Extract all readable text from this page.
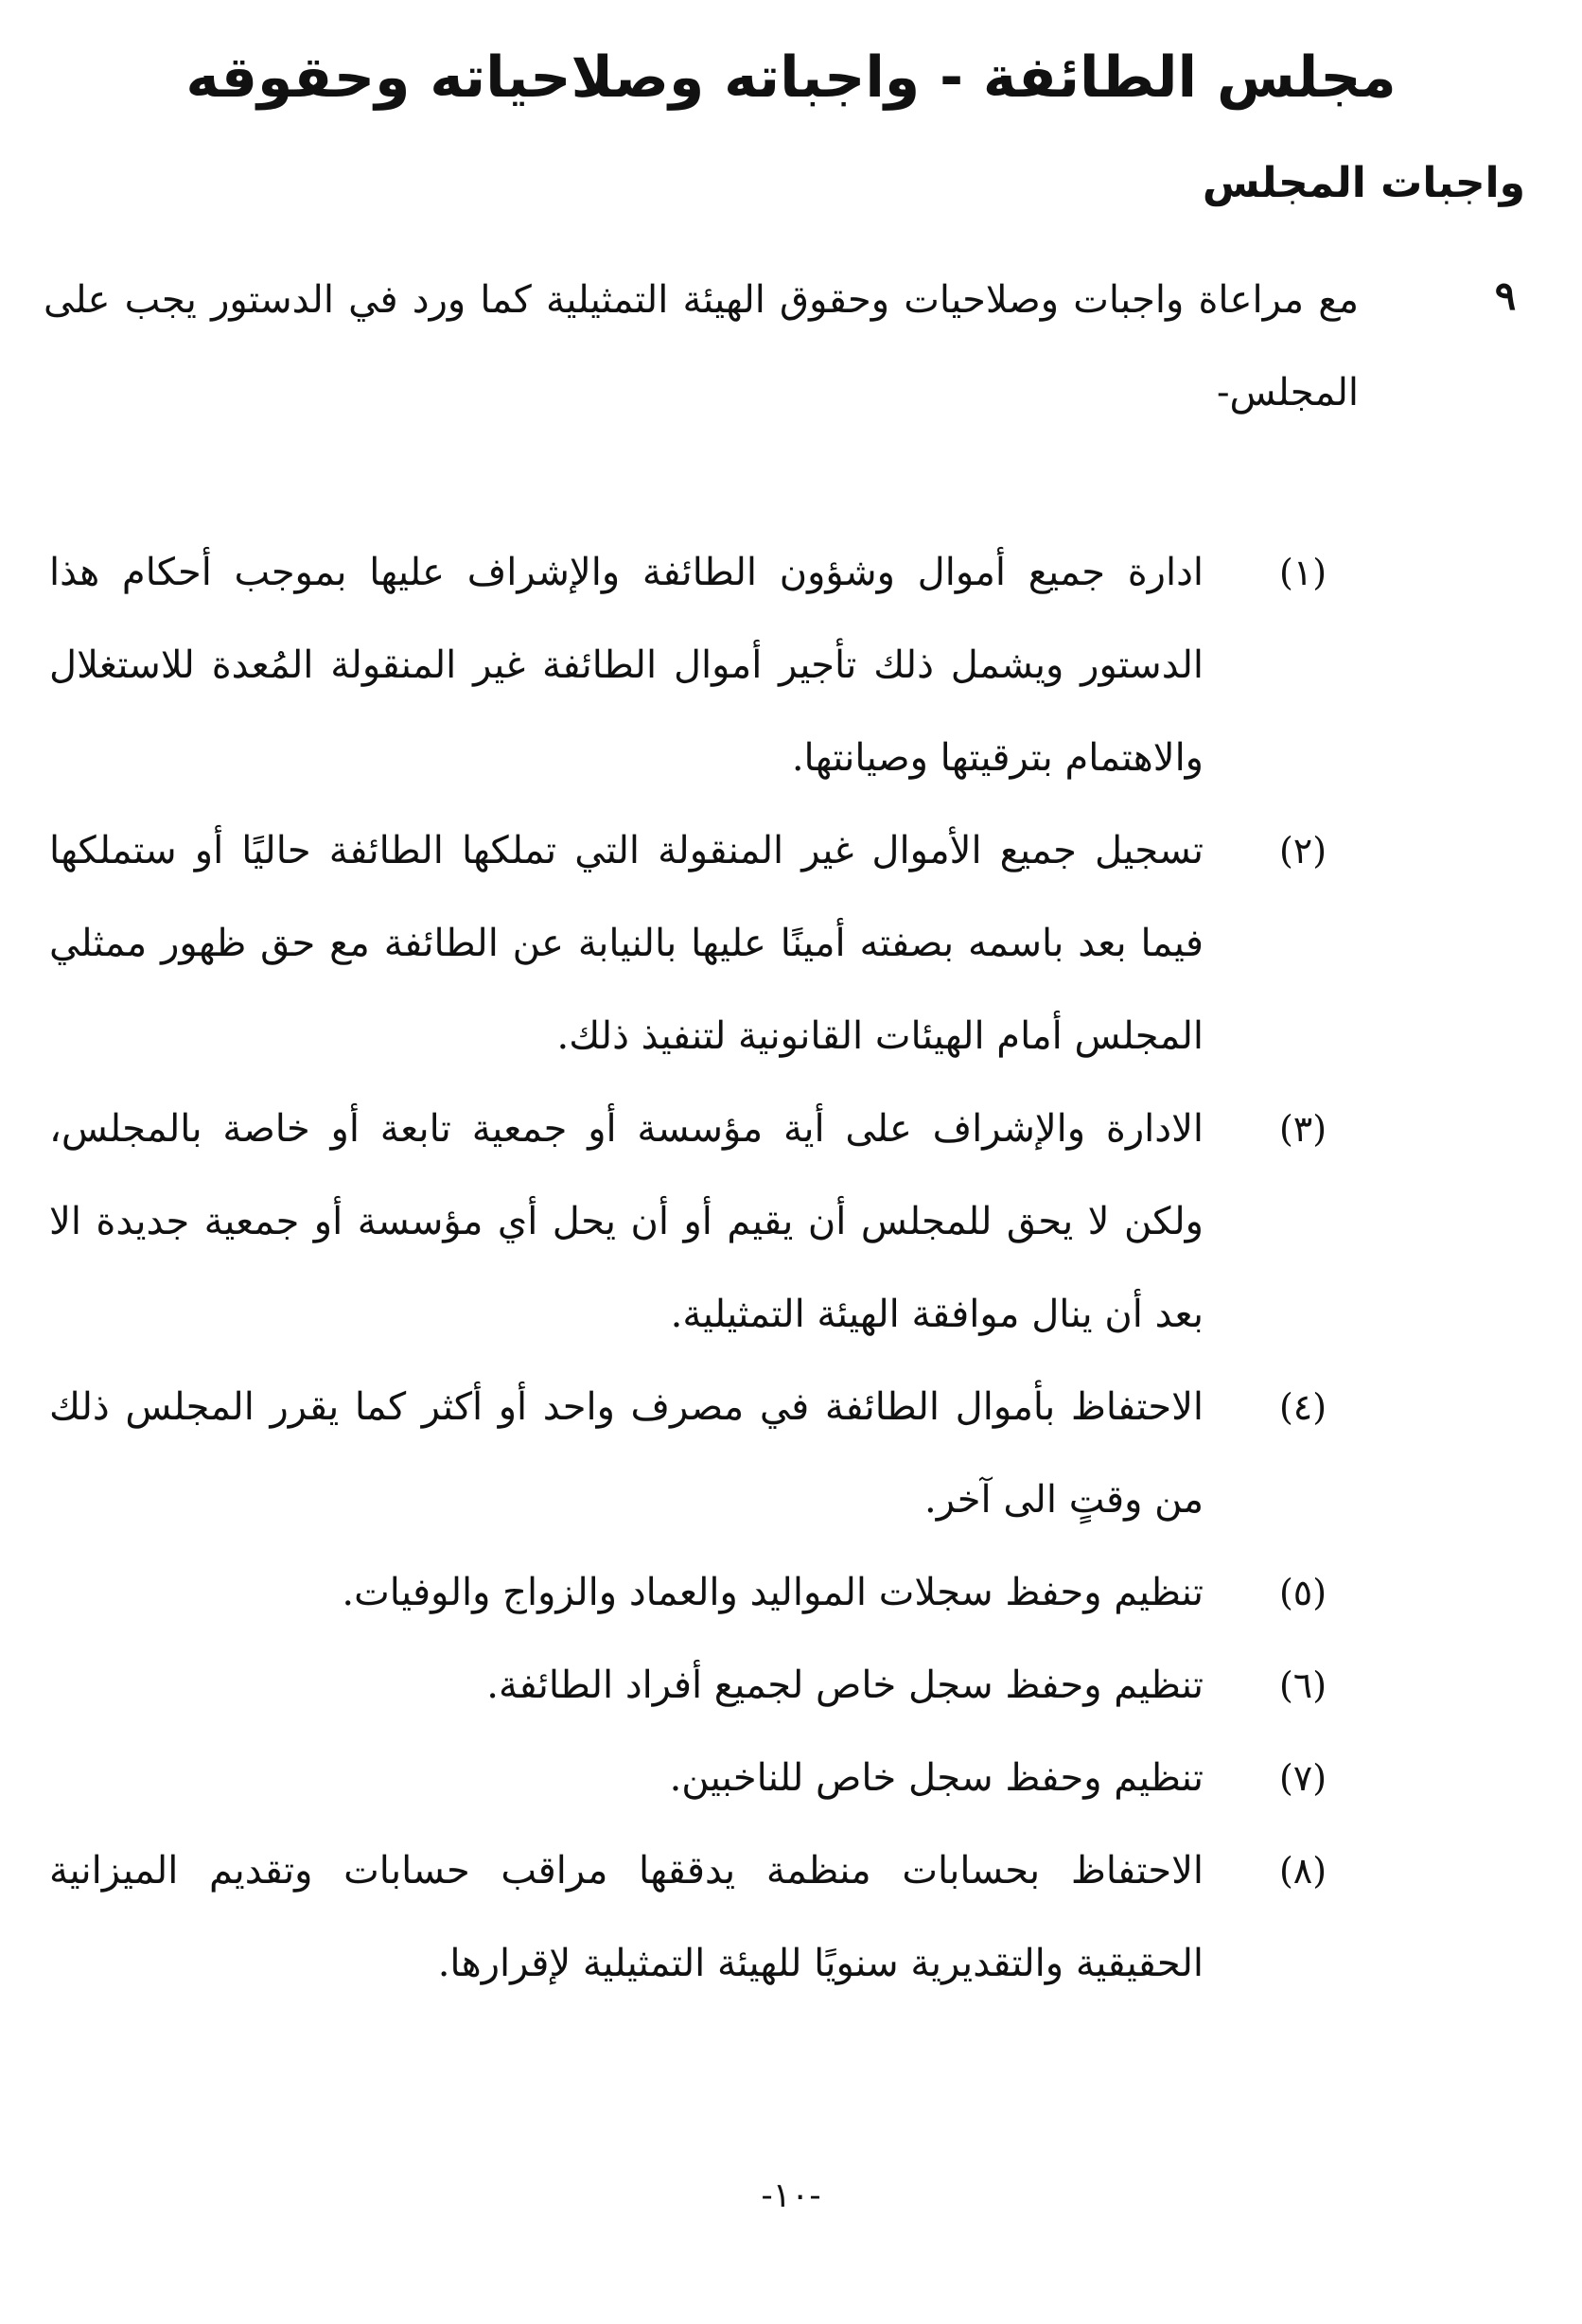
مجلس الطائفة - واجباته وصلاحياته وحقوقه
واجبات المجلس
٩

مع مراعاة واجبات وصلاحيات وحقوق الهيئة التمثيلية كما ورد في الدستور يجب على المجلس-

(١)
ادارة جميع أموال وشؤون الطائفة والإشراف عليها بموجب أحكام هذا الدستور ويشمل ذلك تأجير أموال الطائفة غير المنقولة المُعدة للاستغلال والاهتمام بترقيتها وصيانتها.
(٢)
تسجيل جميع الأموال غير المنقولة التي تملكها الطائفة حاليًا أو ستملكها فيما بعد باسمه بصفته أمينًا عليها بالنيابة عن الطائفة مع حق ظهور ممثلي المجلس أمام الهيئات القانونية لتنفيذ ذلك.
(٣)
الادارة والإشراف على أية مؤسسة أو جمعية تابعة أو خاصة بالمجلس، ولكن لا يحق للمجلس أن يقيم أو أن يحل أي مؤسسة أو جمعية جديدة الا بعد أن ينال موافقة الهيئة التمثيلية.
(٤)
الاحتفاظ بأموال الطائفة في مصرف واحد أو أكثر كما يقرر المجلس ذلك من وقتٍ الى آخر.
(٥)
تنظيم وحفظ سجلات المواليد والعماد والزواج والوفيات.
(٦)
تنظيم وحفظ سجل خاص لجميع أفراد الطائفة.
(٧)
تنظيم وحفظ سجل خاص للناخبين.
(٨)
الاحتفاظ بحسابات منظمة يدققها مراقب حسابات وتقديم الميزانية الحقيقية والتقديرية سنويًا للهيئة التمثيلية لإقرارها.
-١٠-
